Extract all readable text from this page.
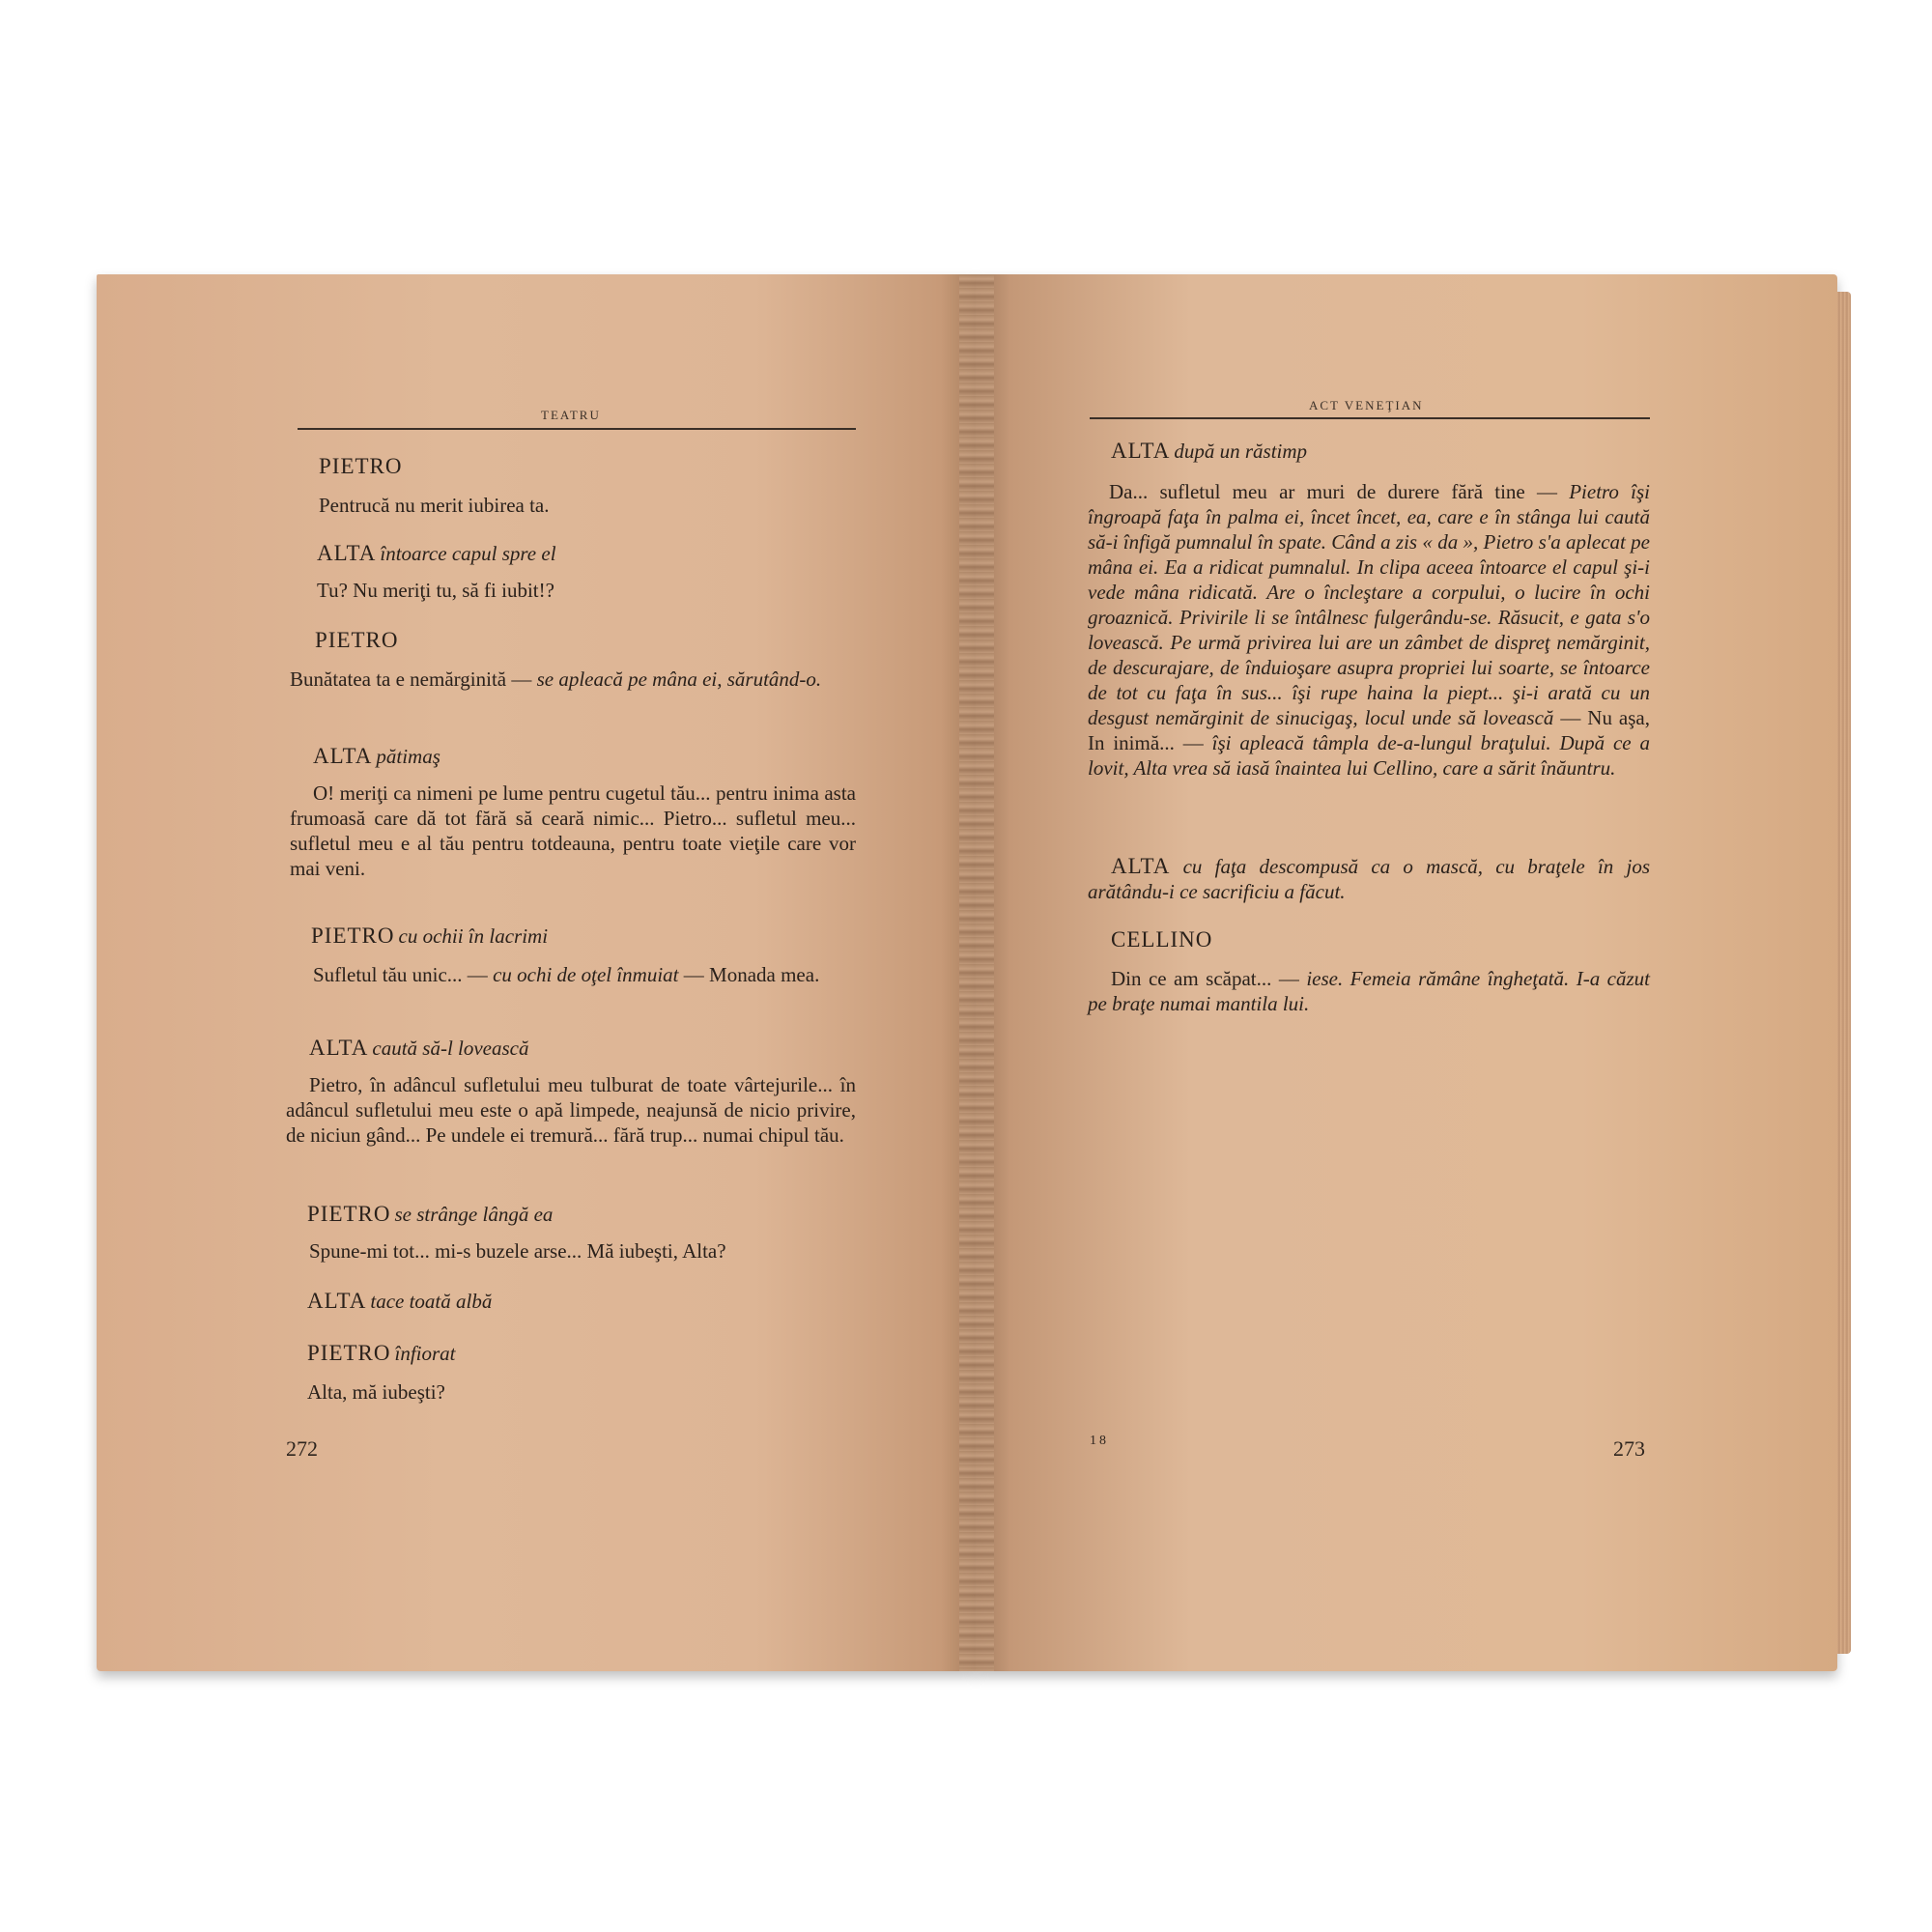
TEATRU
PIETRO
Pentrucă nu merit iubirea ta.
ALTA întoarce capul spre el
Tu? Nu meriţi tu, să fi iubit!?
PIETRO
Bunătatea ta e nemărginită — se apleacă pe mâna ei, sărutând-o.
ALTA pătimaş
O! meriţi ca nimeni pe lume pentru cugetul tău... pentru inima asta frumoasă care dă tot fără să ceară nimic... Pietro... sufletul meu... sufletul meu e al tău pentru totdeauna, pentru toate vieţile care vor mai veni.
PIETRO cu ochii în lacrimi
Sufletul tău unic... — cu ochi de oţel înmuiat — Monada mea.
ALTA caută să-l lovească
Pietro, în adâncul sufletului meu tulburat de toate vârtejurile... în adâncul sufletului meu este o apă limpede, neajunsă de nicio privire, de niciun gând... Pe undele ei tremură... fără trup... numai chipul tău.
PIETRO se strânge lângă ea
Spune-mi tot... mi-s buzele arse... Mă iubeşti, Alta?
ALTA tace toată albă
PIETRO înfiorat
Alta, mă iubeşti?
272
ACT VENEŢIAN
ALTA după un răstimp
Da... sufletul meu ar muri de durere fără tine — Pietro îşi îngroapă faţa în palma ei, încet încet, ea, care e în stânga lui caută să-i înfigă pumnalul în spate. Când a zis « da », Pietro s'a aplecat pe mâna ei. Ea a ridicat pumnalul. In clipa aceea întoarce el capul şi-i vede mâna ridicată. Are o încleştare a corpului, o lucire în ochi groaznică. Privirile li se întâlnesc fulgerându-se. Răsucit, e gata s'o lovească. Pe urmă privirea lui are un zâmbet de dispreţ nemărginit, de descurajare, de înduioşare asupra propriei lui soarte, se întoarce de tot cu faţa în sus... îşi rupe haina la piept... şi-i arată cu un desgust nemărginit de sinucigaş, locul unde să lovească — Nu aşa, In inimă... — îşi apleacă tâmpla de-a-lungul braţului. După ce a lovit, Alta vrea să iasă înaintea lui Cellino, care a sărit înăuntru.
ALTA cu faţa descompusă ca o mască, cu braţele în jos arătându-i ce sacrificiu a făcut.
CELLINO
Din ce am scăpat... — iese. Femeia rămâne îngheţată. I-a căzut pe braţe numai mantila lui.
18	273
